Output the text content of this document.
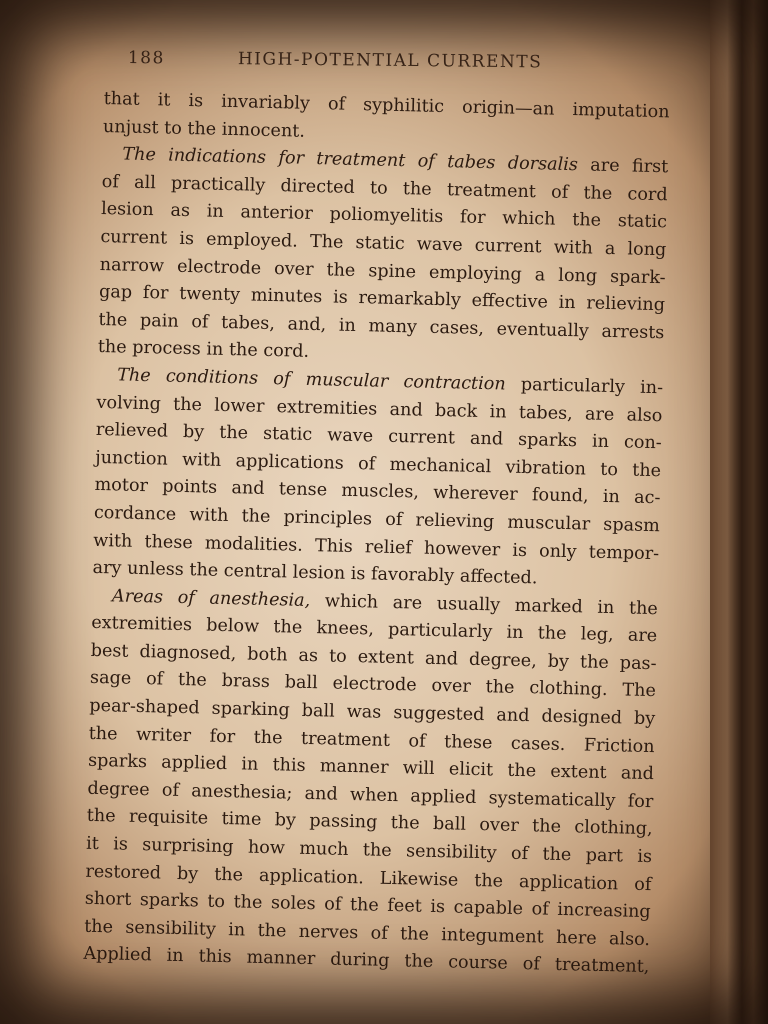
188	HIGH-POTENTIAL CURRENTS
that it is invariably of syphilitic origin—an imputation
unjust to the innocent.
The indications for treatment of tabes dorsalis are first
of all practically directed to the treatment of the cord
lesion as in anterior poliomyelitis for which the static
current is employed. The static wave current with a long
narrow electrode over the spine employing a long spark-
gap for twenty minutes is remarkably effective in relieving
the pain of tabes, and, in many cases, eventually arrests
the process in the cord.
The conditions of muscular contraction particularly in-
volving the lower extremities and back in tabes, are also
relieved by the static wave current and sparks in con-
junction with applications of mechanical vibration to the
motor points and tense muscles, wherever found, in ac-
cordance with the principles of relieving muscular spasm
with these modalities. This relief however is only tempor-
ary unless the central lesion is favorably affected.
Areas of anesthesia, which are usually marked in the
extremities below the knees, particularly in the leg, are
best diagnosed, both as to extent and degree, by the pas-
sage of the brass ball electrode over the clothing. The
pear-shaped sparking ball was suggested and designed by
the writer for the treatment of these cases. Friction
sparks applied in this manner will elicit the extent and
degree of anesthesia; and when applied systematically for
the requisite time by passing the ball over the clothing,
it is surprising how much the sensibility of the part is
restored by the application. Likewise the application of
short sparks to the soles of the feet is capable of increasing
the sensibility in the nerves of the integument here also.
Applied in this manner during the course of treatment,
